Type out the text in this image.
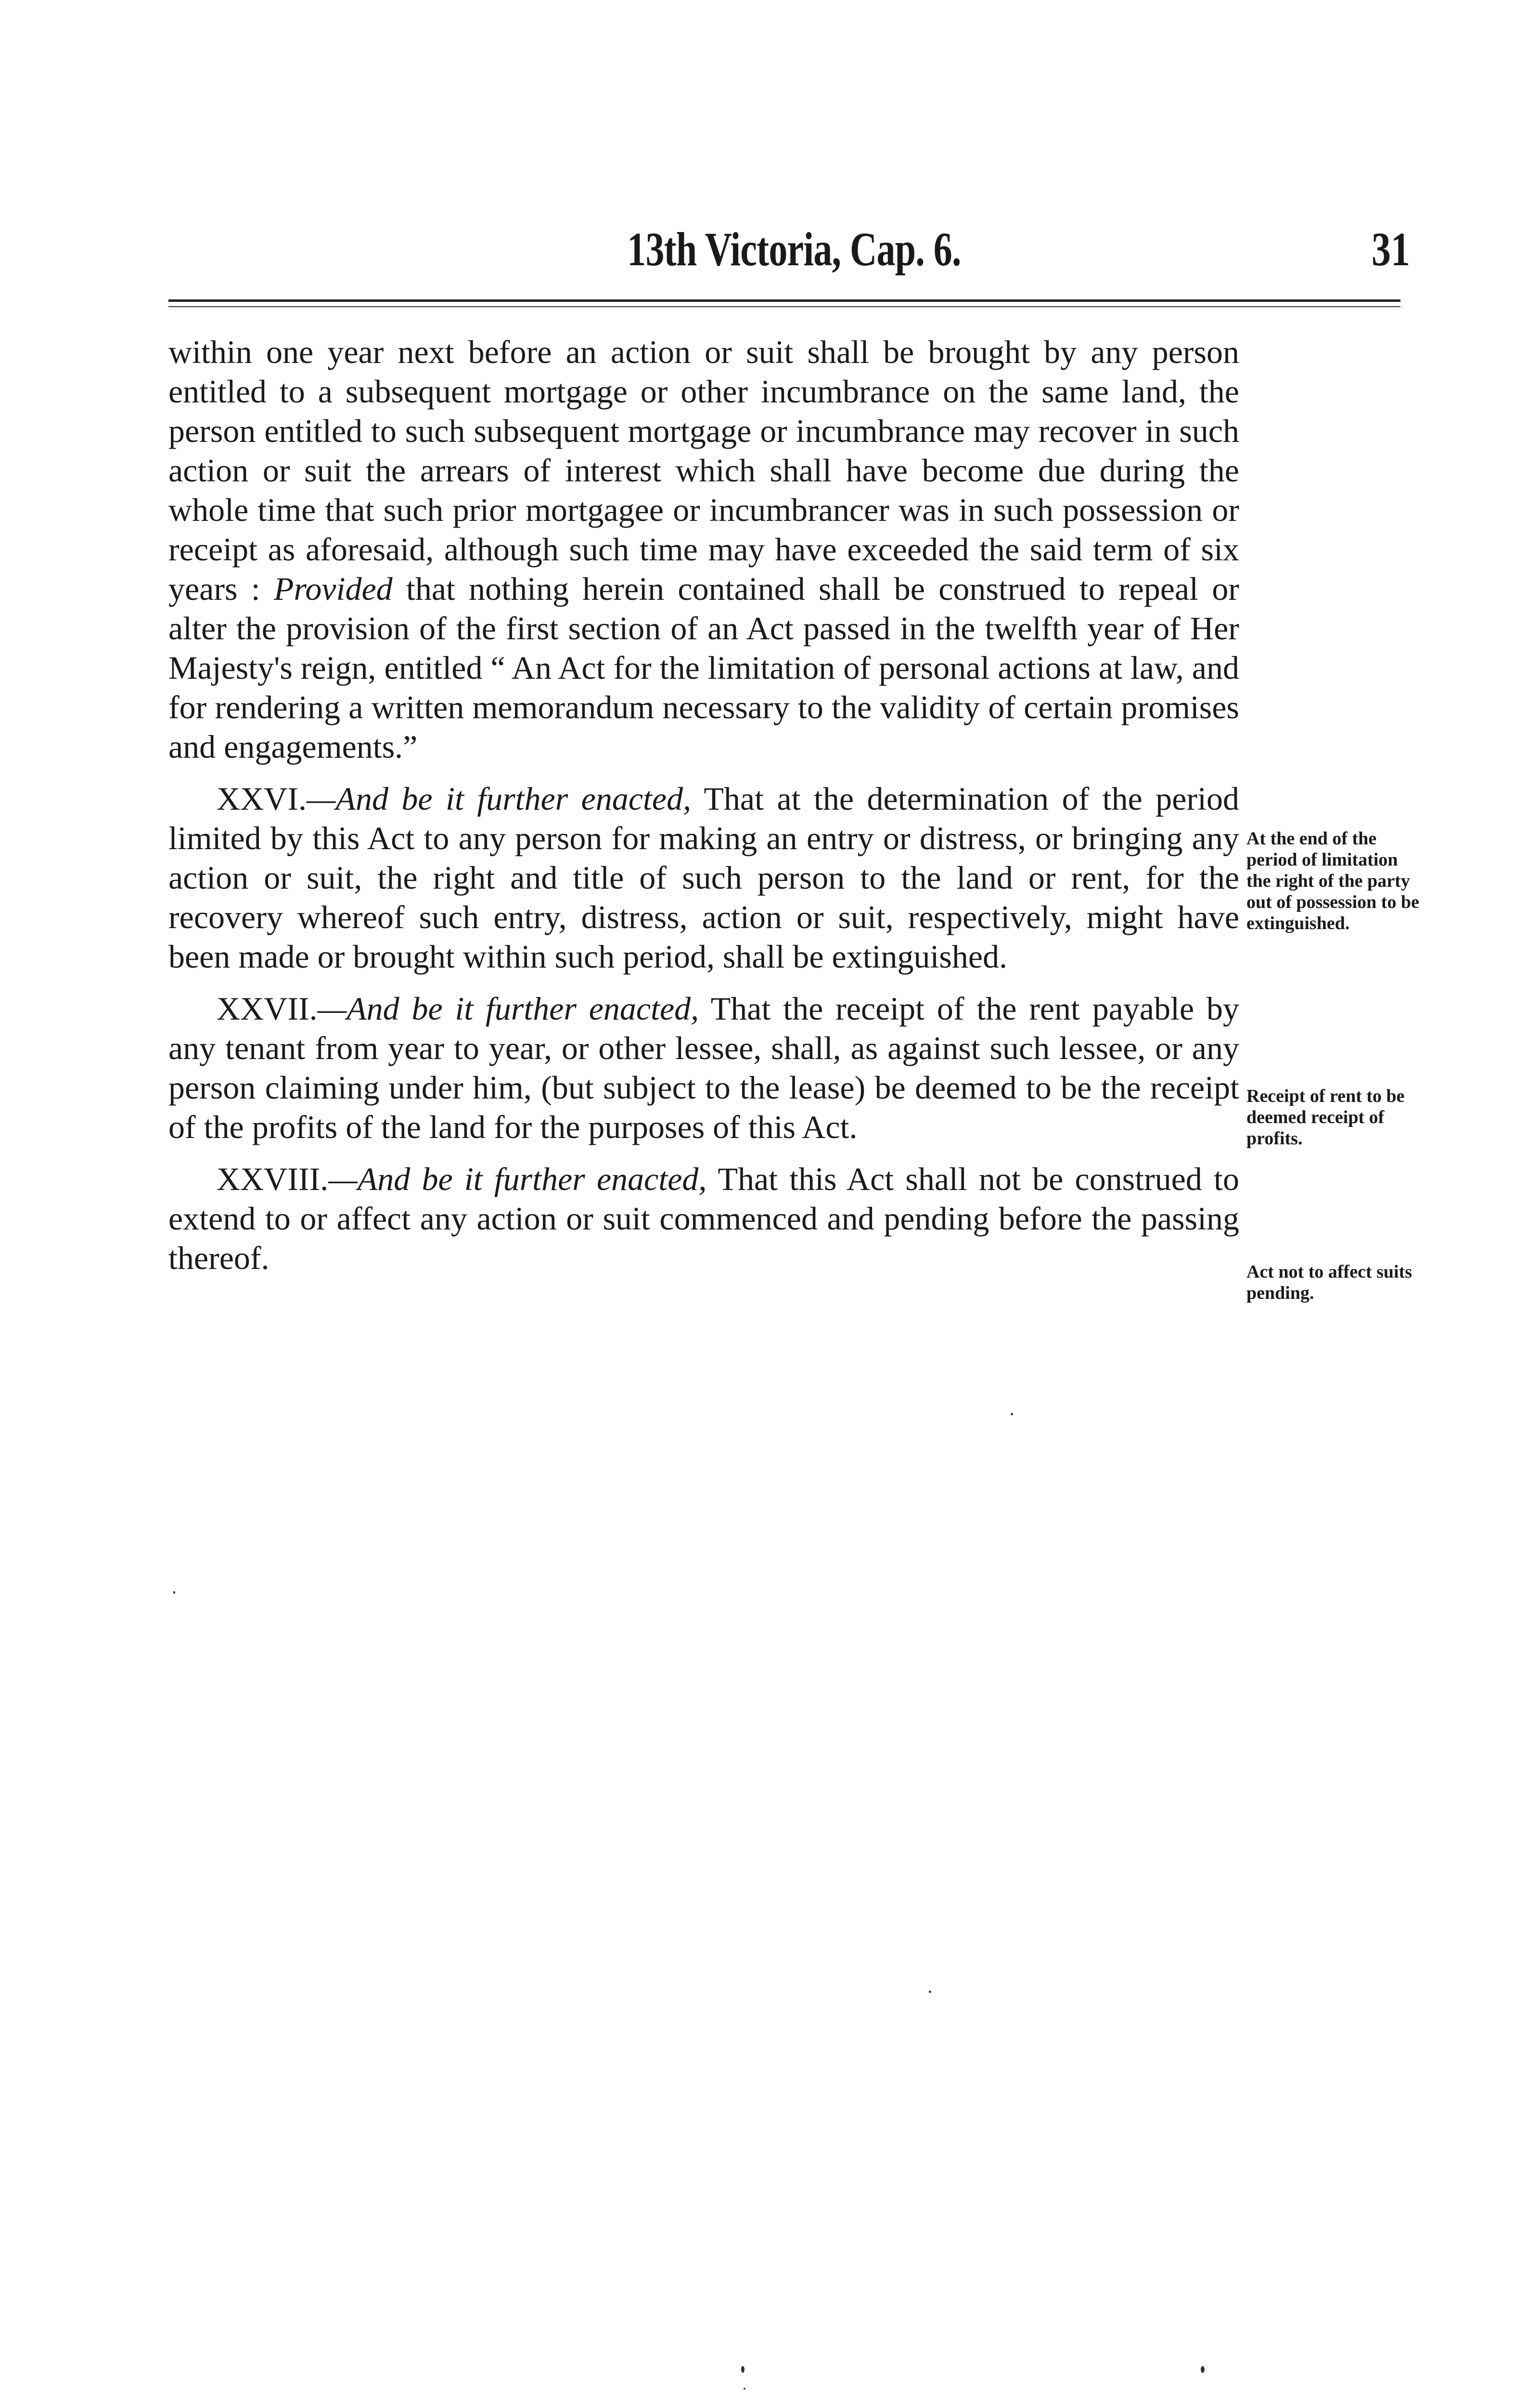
13th Victoria, Cap. 6.	31

within one year next before an action or suit shall be brought by any person entitled to a subsequent mortgage or other incumbrance on the same land, the person entitled to such subsequent mortgage or incumbrance may recover in such action or suit the arrears of interest which shall have become due during the whole time that such prior mortgagee or incumbrancer was in such possession or receipt as aforesaid, although such time may have exceeded the said term of six years : Provided that nothing herein contained shall be construed to repeal or alter the provision of the first section of an Act passed in the twelfth year of Her Majesty's reign, entitled “ An Act for the limitation of personal actions at law, and for rendering a written memorandum necessary to the validity of certain promises and engagements.”

XXVI.—And be it further enacted, That at the determination of the period limited by this Act to any person for making an entry or distress, or bringing any action or suit, the right and title of such person to the land or rent, for the recovery whereof such entry, distress, action or suit, respectively, might have been made or brought within such period, shall be extinguished.

XXVII.—And be it further enacted, That the receipt of the rent payable by any tenant from year to year, or other lessee, shall, as against such lessee, or any person claiming under him, (but subject to the lease) be deemed to be the receipt of the profits of the land for the purposes of this Act.

XXVIII.—And be it further enacted, That this Act shall not be construed to extend to or affect any action or suit commenced and pending before the passing thereof.

At the end of the period of limitation the right of the party out of possession to be extinguished.
Receipt of rent to be deemed receipt of profits.
Act not to affect suits pending.
